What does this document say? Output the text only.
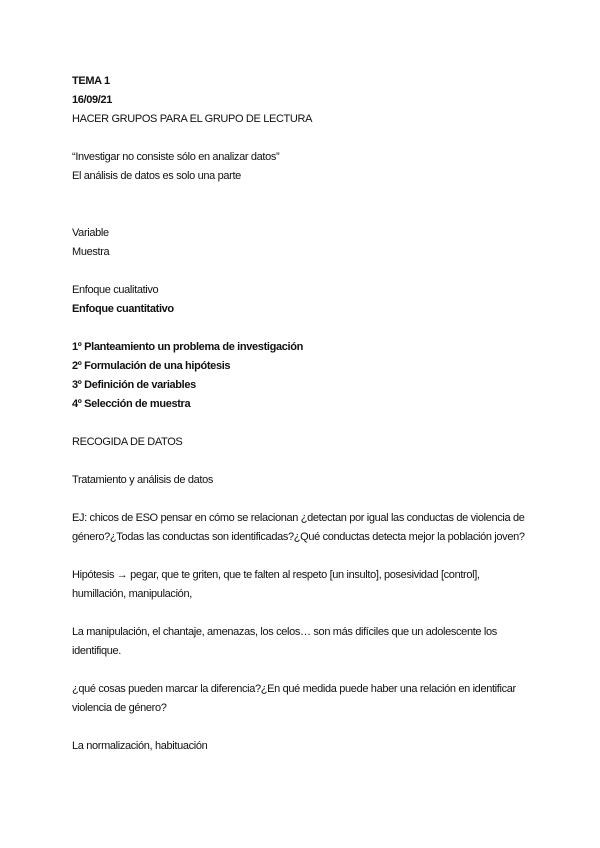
TEMA 1
16/09/21
HACER GRUPOS PARA EL GRUPO DE LECTURA
“Investigar no consiste sólo en analizar datos”
El análisis de datos es solo una parte
Variable
Muestra
Enfoque cualitativo
Enfoque cuantitativo
1º Planteamiento un problema de investigación
2º Formulación de una hipótesis
3º Definición de variables
4º Selección de muestra
RECOGIDA DE DATOS
Tratamiento y análisis de datos
EJ: chicos de ESO pensar en cómo se relacionan ¿detectan por igual las conductas de violencia de género?¿Todas las conductas son identificadas?¿Qué conductas detecta mejor la población joven?
Hipótesis → pegar, que te griten, que te falten al respeto [un insulto], posesividad [control], humillación, manipulación,
La manipulación, el chantaje, amenazas, los celos… son más difíciles que un adolescente los identifique.
¿qué cosas pueden marcar la diferencia?¿En qué medida puede haber una relación en identificar violencia de género?
La normalización, habituación
